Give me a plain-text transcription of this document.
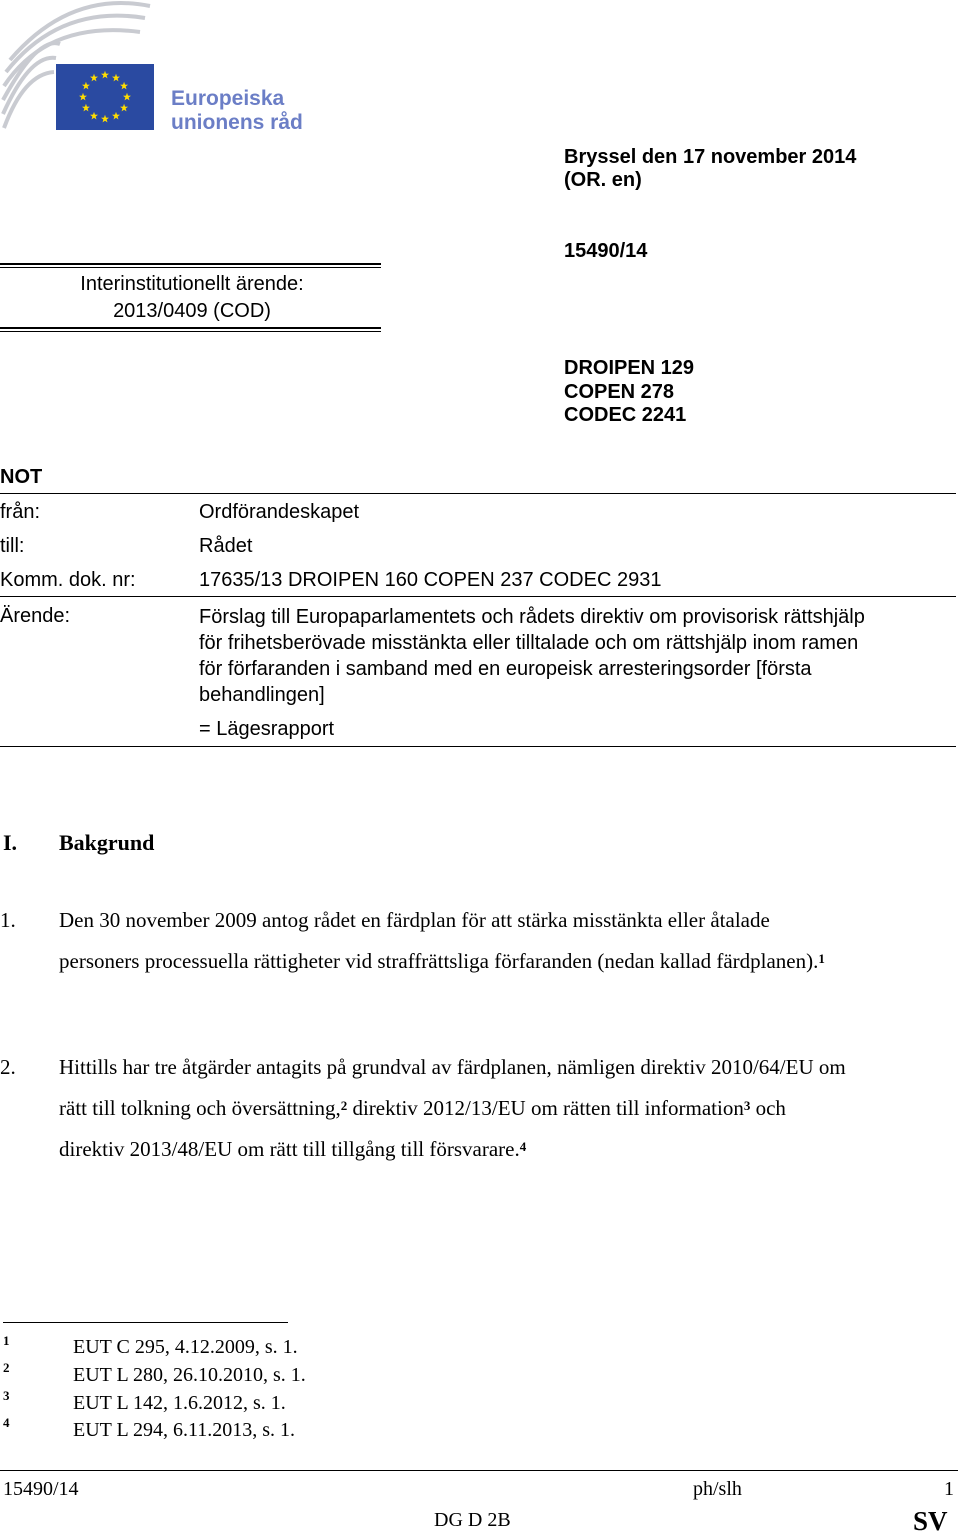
Europeiska
unionens råd
Bryssel den 17 november 2014
(OR. en)
15490/14
Interinstitutionellt ärende:
2013/0409 (COD)
DROIPEN 129
COPEN 278
CODEC 2241
NOT
från:	Ordförandeskapet
till:	Rådet
Komm. dok. nr:	17635/13 DROIPEN 160 COPEN 237 CODEC 2931
Ärende:	Förslag till Europaparlamentets och rådets direktiv om provisorisk rättshjälp
för frihetsberövade misstänkta eller tilltalade och om rättshjälp inom ramen
för förfaranden i samband med en europeisk arresteringsorder [första
behandlingen]
= Lägesrapport
I. Bakgrund
1. Den 30 november 2009 antog rådet en färdplan för att stärka misstänkta eller åtalade
personers processuella rättigheter vid straffrättsliga förfaranden (nedan kallad färdplanen).$^1$
2. Hittills har tre åtgärder antagits på grundval av färdplanen, nämligen direktiv 2010/64/EU om
rätt till tolkning och översättning,$^2$ direktiv 2012/13/EU om rätten till information$^3$ och
direktiv 2013/48/EU om rätt till tillgång till försvarare.$^4$
1	EUT C 295, 4.12.2009, s. 1.
2	EUT L 280, 26.10.2010, s. 1.
3	EUT L 142, 1.6.2012, s. 1.
4	EUT L 294, 6.11.2013, s. 1.
15490/14	ph/slh	1
DG D 2B	SV
